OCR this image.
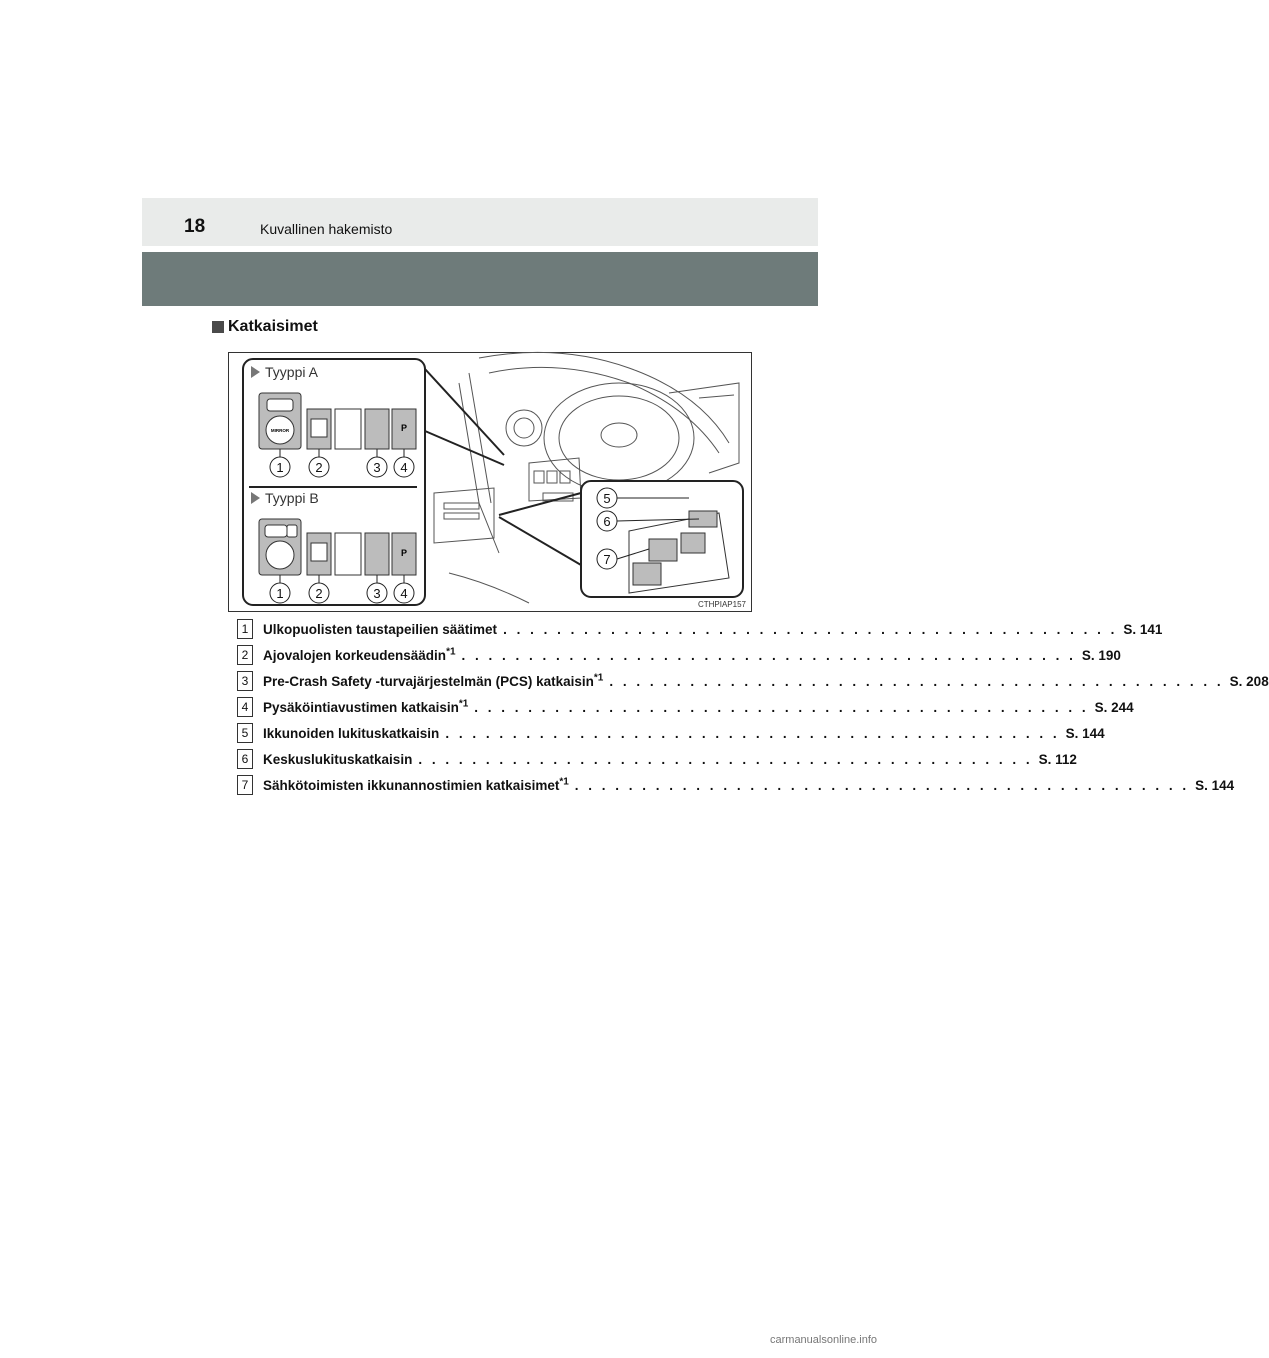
18	Kuvallinen hakemisto
Katkaisimet
MIRROR	P
P
1 2	3 4
1 2	3 4
5
6
7
Tyyppi A
Tyyppi B
CTHPIAP157
1	Ulkopuolisten taustapeilien säätimet . . . . . . . . . . . . . . . . . . . . . . . . . . . . . . . . . . . . . . . . . . . . . . S. 141
2	Ajovalojen korkeudensäädin$^{*1}$ . . . . . . . . . . . . . . . . . . . . . . . . . . . . . . . . . . . . . . . . . . . . . . S. 190
3	Pre-Crash Safety -turvajärjestelmän (PCS) katkaisin$^{*1}$ . . . . . . . . . . . . . . . . . . . . . . . . . . . . . . . . . . . . . . . . . . . . . . S. 208
4	Pysäköintiavustimen katkaisin$^{*1}$ . . . . . . . . . . . . . . . . . . . . . . . . . . . . . . . . . . . . . . . . . . . . . . S. 244
5	Ikkunoiden lukituskatkaisin . . . . . . . . . . . . . . . . . . . . . . . . . . . . . . . . . . . . . . . . . . . . . . S. 144
6	Keskuslukituskatkaisin . . . . . . . . . . . . . . . . . . . . . . . . . . . . . . . . . . . . . . . . . . . . . . S. 112
7	Sähkötoimisten ikkunannostimien katkaisimet$^{*1}$ . . . . . . . . . . . . . . . . . . . . . . . . . . . . . . . . . . . . . . . . . . . . . . S. 144
carmanualsonline.info
